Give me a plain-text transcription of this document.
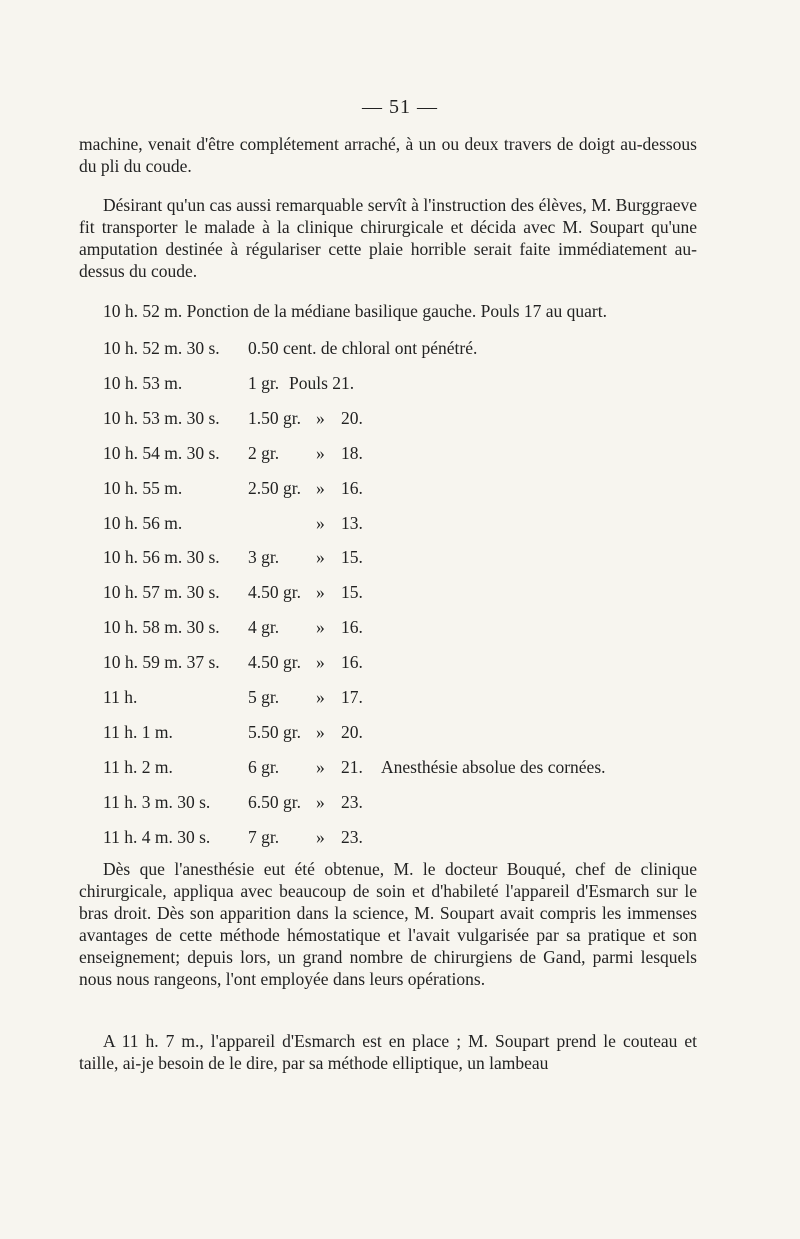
— 51 —

machine, venait d'être complétement arraché, à un ou deux travers de doigt au-dessous du pli du coude.

Désirant qu'un cas aussi remarquable servît à l'instruction des élèves, M. Burggraeve fit transporter le malade à la clinique chirurgicale et décida avec M. Soupart qu'une amputation destinée à régulariser cette plaie horrible serait faite immédiatement au-dessus du coude.

10 h. 52 m. Ponction de la médiane basilique gauche. Pouls 17 au quart.
10 h. 52 m. 30 s. 0.50 cent. de chloral ont pénétré.
10 h. 53 m.	1 gr. Pouls 21.
10 h. 53 m. 30 s. 1.50 gr. » 20.
10 h. 54 m. 30 s. 2 gr. » 18.
10 h. 55 m.	2.50 gr. » 16.
10 h. 56 m.	» 13.
10 h. 56 m. 30 s. 3 gr. » 15.
10 h. 57 m. 30 s. 4.50 gr. » 15.
10 h. 58 m. 30 s. 4 gr. » 16.
10 h. 59 m. 37 s. 4.50 gr. » 16.
11 h.	5 gr. » 17.
11 h. 1 m.	5.50 gr. » 20.
11 h. 2 m.	6 gr. » 21. Anesthésie absolue des cornées.
11 h. 3 m. 30 s. 6.50 gr. » 23.
11 h. 4 m. 30 s. 7 gr. » 23.

Dès que l'anesthésie eut été obtenue, M. le docteur Bouqué, chef de clinique chirurgicale, appliqua avec beaucoup de soin et d'habileté l'appareil d'Esmarch sur le bras droit. Dès son apparition dans la science, M. Soupart avait compris les immenses avantages de cette méthode hémostatique et l'avait vulgarisée par sa pratique et son enseignement; depuis lors, un grand nombre de chirurgiens de Gand, parmi lesquels nous nous rangeons, l'ont employée dans leurs opérations.

A 11 h. 7 m., l'appareil d'Esmarch est en place ; M. Soupart prend le couteau et taille, ai-je besoin de le dire, par sa méthode elliptique, un lambeau
